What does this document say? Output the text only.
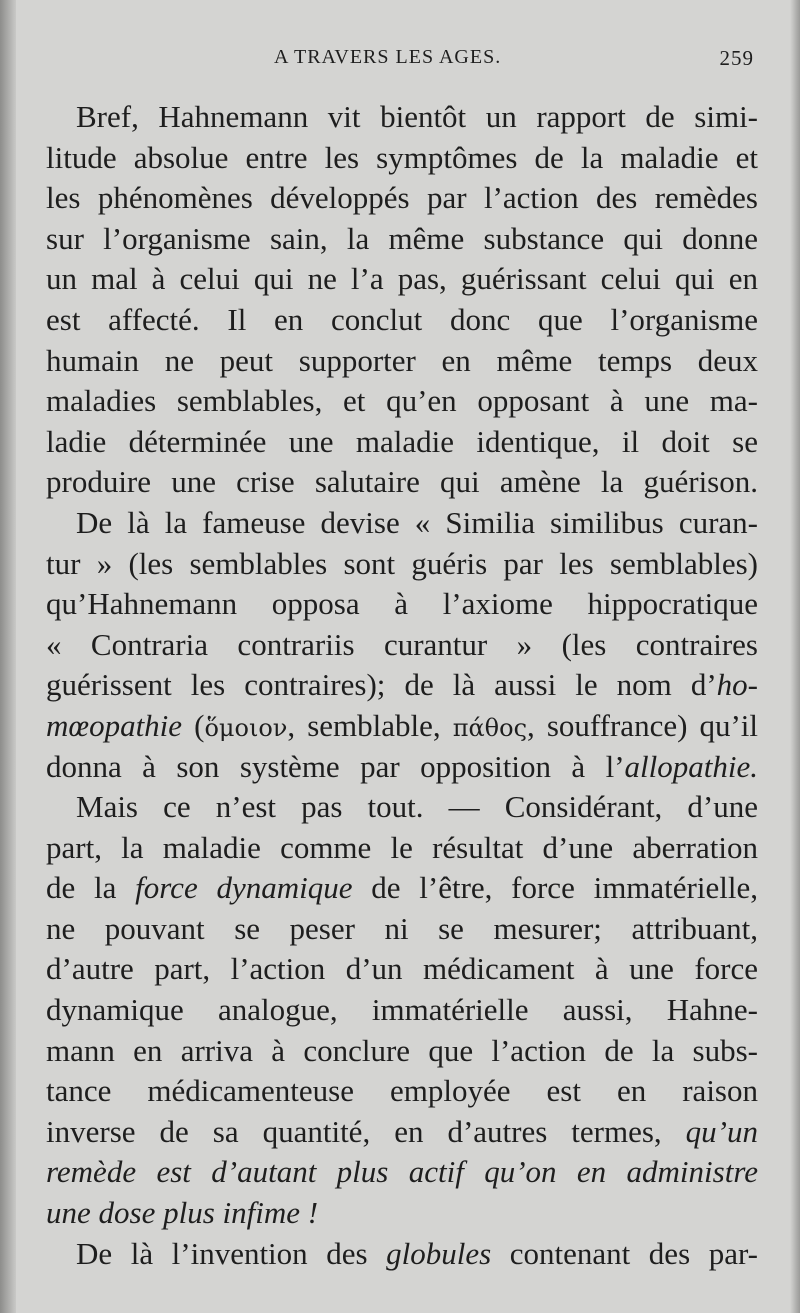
A TRAVERS LES AGES.	259
Bref, Hahnemann vit bientôt un rapport de simi-
litude absolue entre les symptômes de la maladie et
les phénomènes développés par l’action des remèdes
sur l’organisme sain, la même substance qui donne
un mal à celui qui ne l’a pas, guérissant celui qui en
est affecté. Il en conclut donc que l’organisme
humain ne peut supporter en même temps deux
maladies semblables, et qu’en opposant à une ma-
ladie déterminée une maladie identique, il doit se
produire une crise salutaire qui amène la guérison.
De là la fameuse devise « Similia similibus curan-
tur » (les semblables sont guéris par les semblables)
qu’Hahnemann opposa à l’axiome hippocratique
« Contraria contrariis curantur » (les contraires
guérissent les contraires); de là aussi le nom d’ho-
mœopathie (ὅμοιον, semblable, πάθος, souffrance) qu’il
donna à son système par opposition à l’allopathie.
Mais ce n’est pas tout. — Considérant, d’une
part, la maladie comme le résultat d’une aberration
de la force dynamique de l’être, force immatérielle,
ne pouvant se peser ni se mesurer; attribuant,
d’autre part, l’action d’un médicament à une force
dynamique analogue, immatérielle aussi, Hahne-
mann en arriva à conclure que l’action de la subs-
tance médicamenteuse employée est en raison
inverse de sa quantité, en d’autres termes, qu’un
remède est d’autant plus actif qu’on en administre
une dose plus infime !
De là l’invention des globules contenant des par-
